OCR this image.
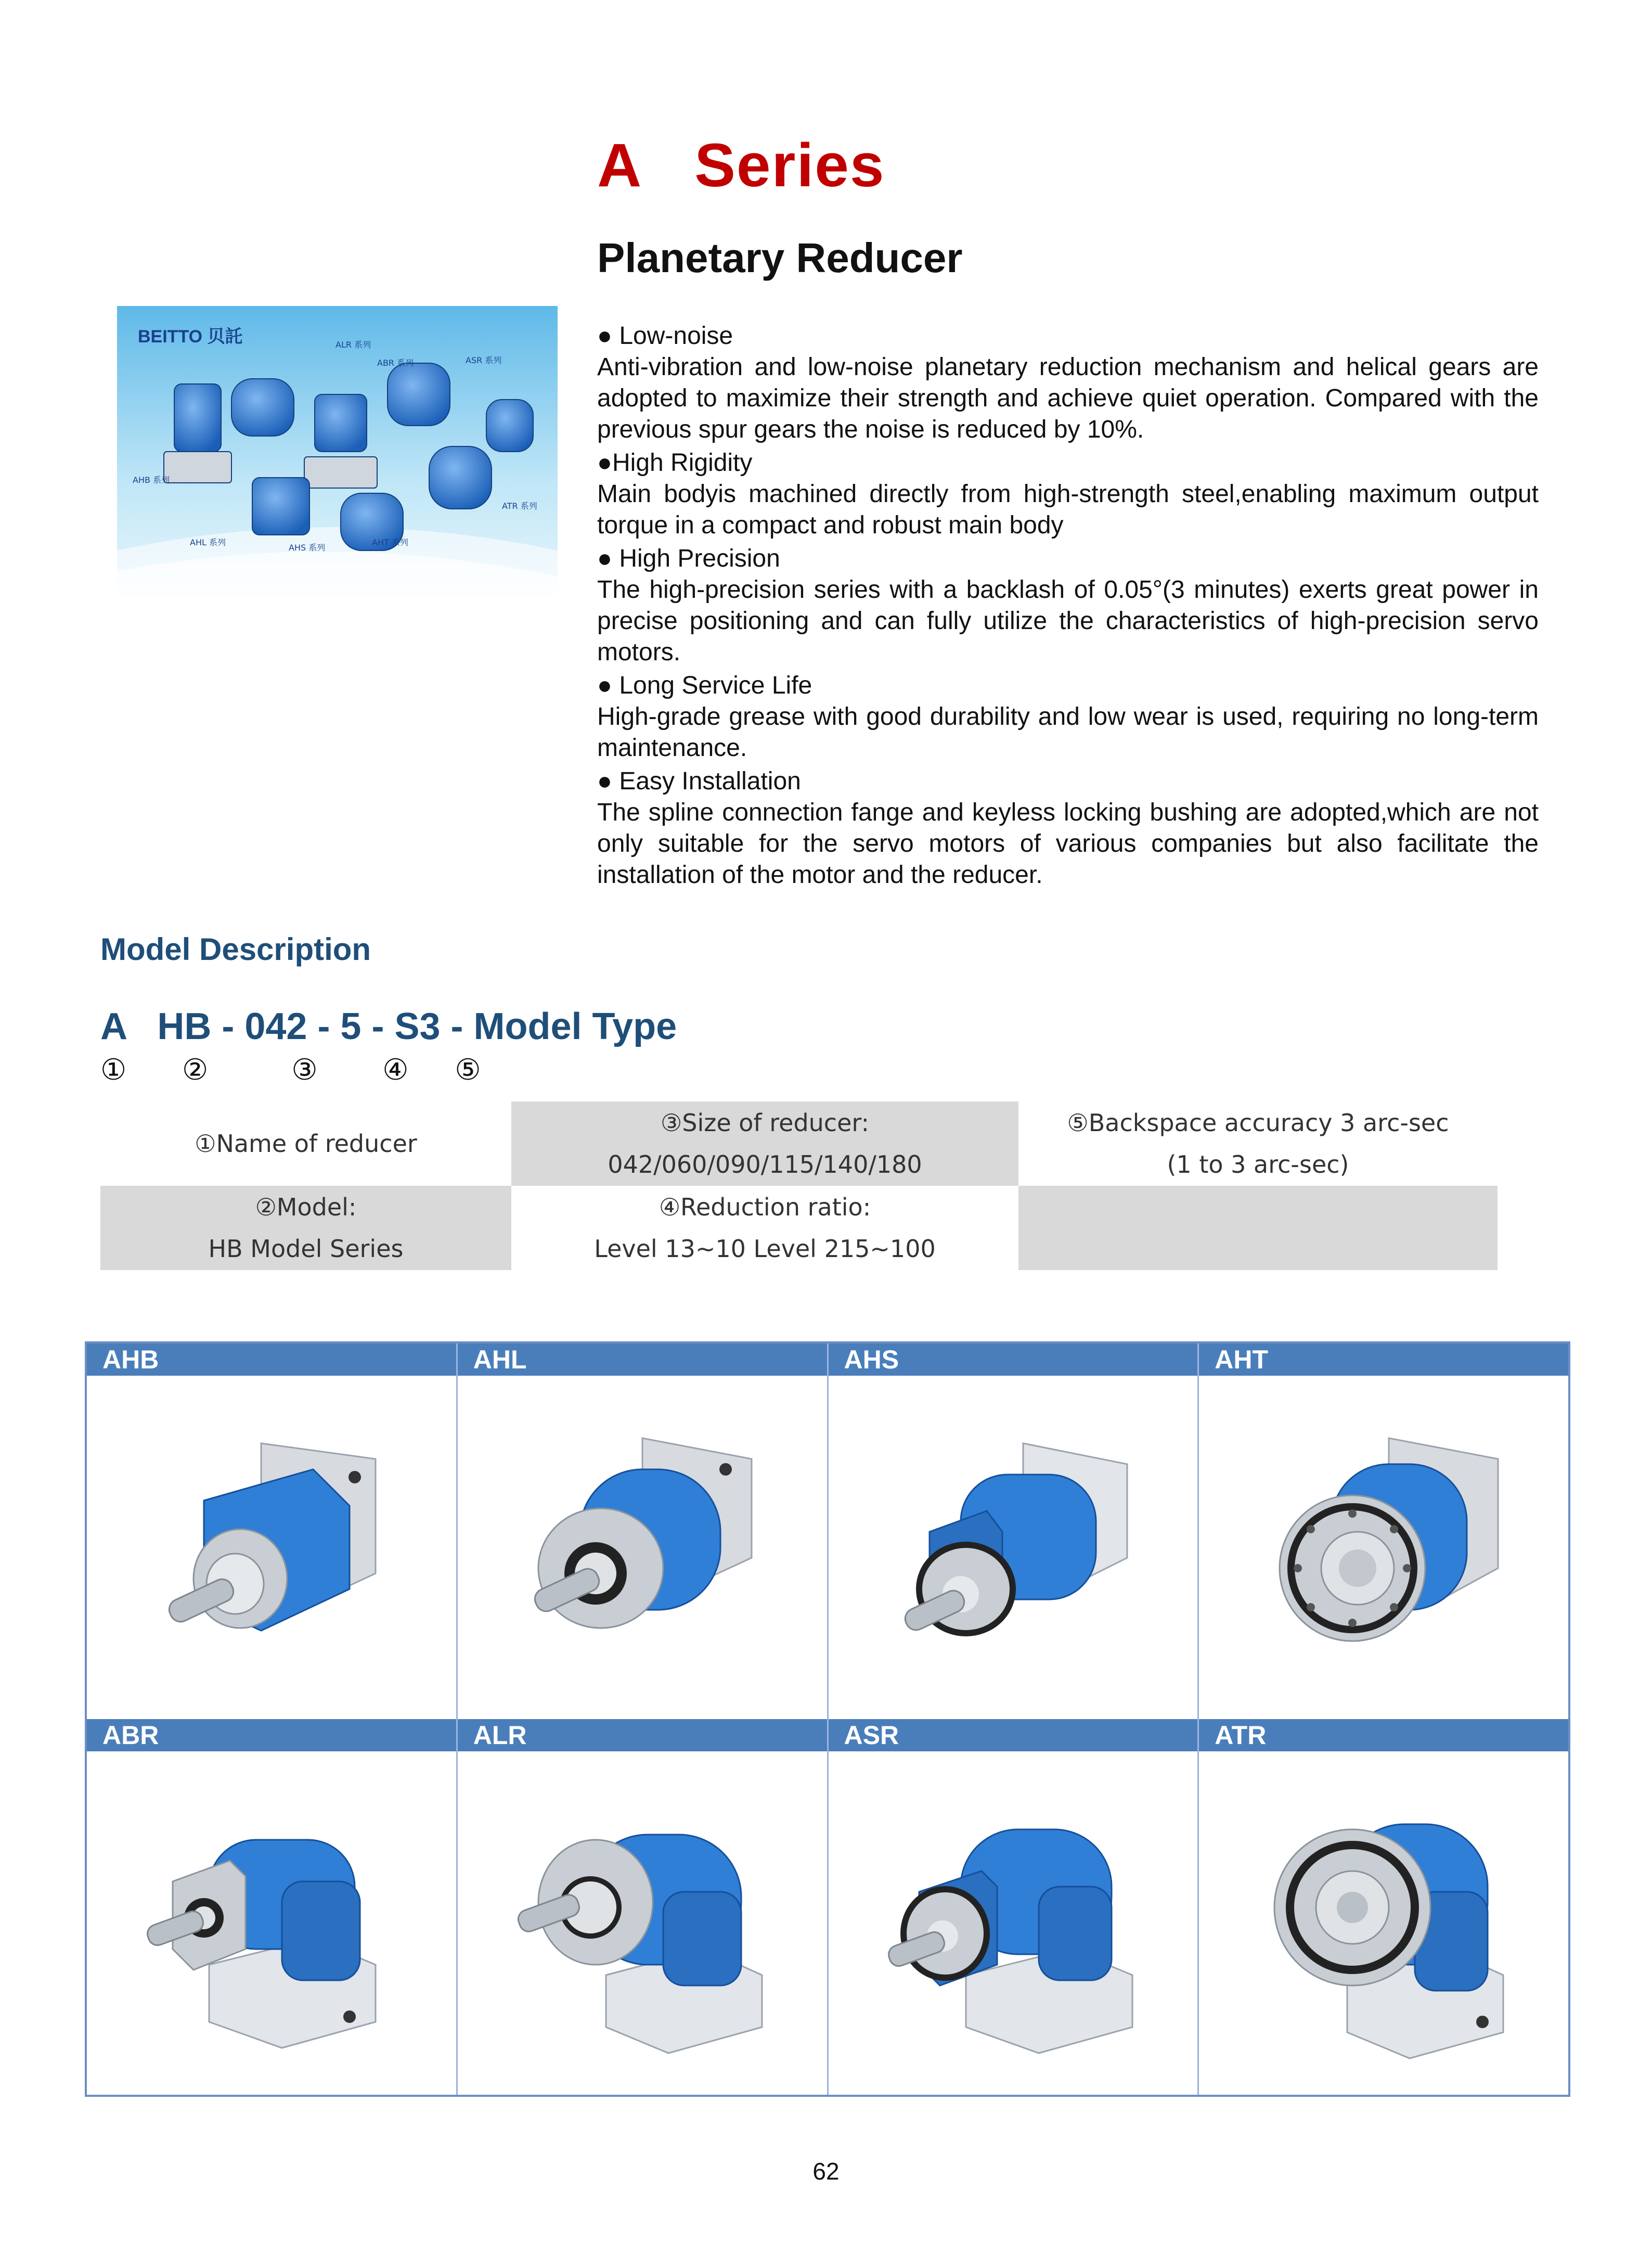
A   Series
Planetary Reducer
BEITTO 贝託	ALR 系列
ABR 系列	ASR 系列
AHB 系列
AHL 系列
AHS 系列
AHT 系列
ATR 系列
● Low-noise

Anti-vibration and low-noise planetary reduction mechanism and helical gears are adopted to maximize their strength and achieve quiet operation. Compared with the previous spur gears the noise is reduced by 10%.

●High Rigidity

Main bodyis machined directly from high-strength steel,enabling maximum output torque in a compact and robust main body

● High Precision

The high-precision series with a backlash of 0.05°(3 minutes) exerts great power in precise positioning and can fully utilize the characteristics of high-precision servo motors.

● Long Service Life

High-grade grease with good durability and low wear is used, requiring no long-term maintenance.

● Easy Installation

The spline connection fange and keyless locking bushing are adopted,which are not only suitable for the servo motors of various companies but also facilitate the installation of the motor and the reducer.

Model Description
A   HB - 042 - 5 - S3 - Model Type
①      ②         ③       ④     ⑤
①Name of reducer
③Size of reducer:
042/060/090/115/140/180
⑤Backspace accuracy 3 arc-sec
(1 to 3 arc-sec)
②Model:
HB Model Series
④Reduction ratio:
Level 13~10 Level 215~100
AHB	AHL	AHS	AHT
ABR	ALR	ASR	ATR
62
